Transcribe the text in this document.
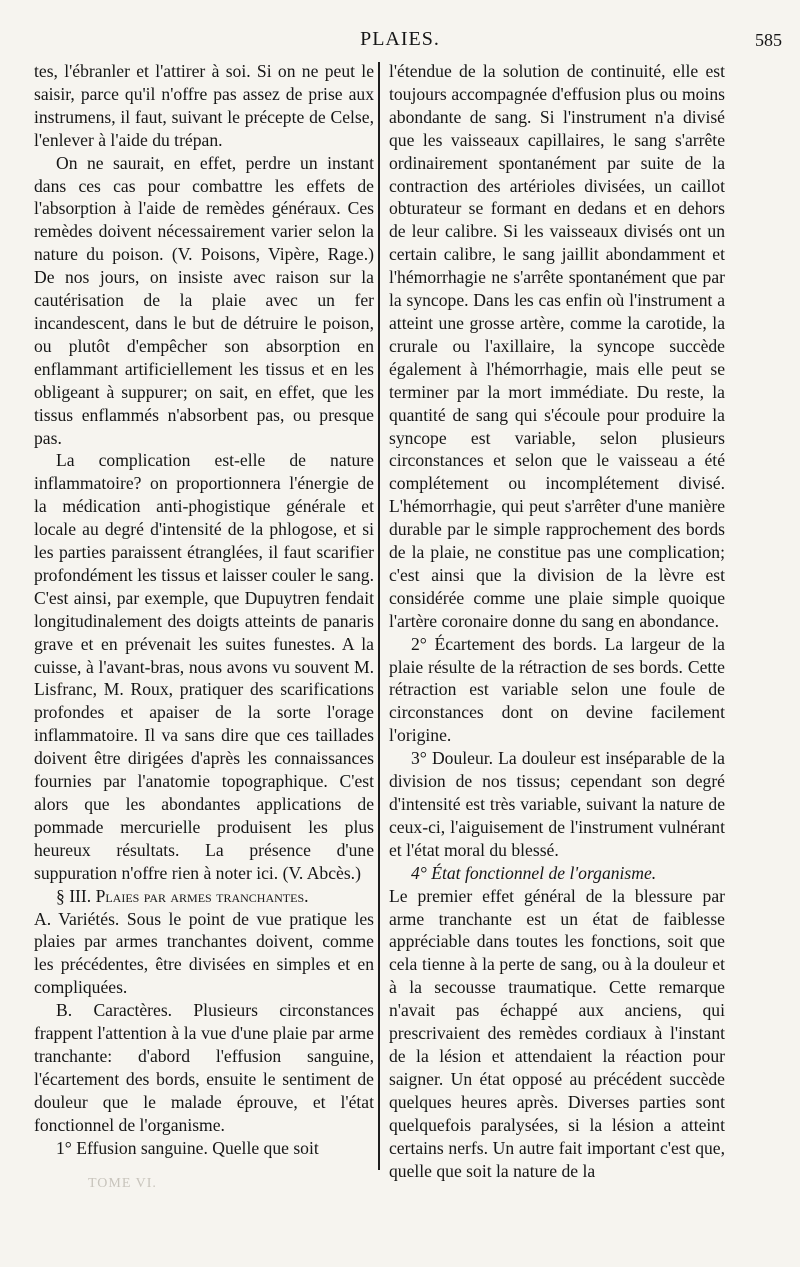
PLAIES.	585

tes, l'ébranler et l'attirer à soi. Si on ne peut le saisir, parce qu'il n'offre pas assez de prise aux instrumens, il faut, suivant le précepte de Celse, l'enlever à l'aide du trépan.

On ne saurait, en effet, perdre un instant dans ces cas pour combattre les effets de l'absorption à l'aide de remèdes généraux. Ces remèdes doivent nécessairement varier selon la nature du poison. (V. Poisons, Vipère, Rage.) De nos jours, on insiste avec raison sur la cautérisation de la plaie avec un fer incandescent, dans le but de détruire le poison, ou plutôt d'empêcher son absorption en enflammant artificiellement les tissus et en les obligeant à suppurer; on sait, en effet, que les tissus enflammés n'absorbent pas, ou presque pas.

La complication est-elle de nature inflammatoire? on proportionnera l'énergie de la médication anti-phogistique générale et locale au degré d'intensité de la phlogose, et si les parties paraissent étranglées, il faut scarifier profondément les tissus et laisser couler le sang. C'est ainsi, par exemple, que Dupuytren fendait longitudinalement des doigts atteints de panaris grave et en prévenait les suites funestes. A la cuisse, à l'avant-bras, nous avons vu souvent M. Lisfranc, M. Roux, pratiquer des scarifications profondes et apaiser de la sorte l'orage inflammatoire. Il va sans dire que ces taillades doivent être dirigées d'après les connaissances fournies par l'anatomie topographique. C'est alors que les abondantes applications de pommade mercurielle produisent les plus heureux résultats. La présence d'une suppuration n'offre rien à noter ici. (V. Abcès.)

§ III. Plaies par armes tranchantes.

A. Variétés. Sous le point de vue pratique les plaies par armes tranchantes doivent, comme les précédentes, être divisées en simples et en compliquées.

B. Caractères. Plusieurs circonstances frappent l'attention à la vue d'une plaie par arme tranchante: d'abord l'effusion sanguine, l'écartement des bords, ensuite le sentiment de douleur que le malade éprouve, et l'état fonctionnel de l'organisme.

1° Effusion sanguine. Quelle que soit

l'étendue de la solution de continuité, elle est toujours accompagnée d'effusion plus ou moins abondante de sang. Si l'instrument n'a divisé que les vaisseaux capillaires, le sang s'arrête ordinairement spontanément par suite de la contraction des artérioles divisées, un caillot obturateur se formant en dedans et en dehors de leur calibre. Si les vaisseaux divisés ont un certain calibre, le sang jaillit abondamment et l'hémorrhagie ne s'arrête spontanément que par la syncope. Dans les cas enfin où l'instrument a atteint une grosse artère, comme la carotide, la crurale ou l'axillaire, la syncope succède également à l'hémorrhagie, mais elle peut se terminer par la mort immédiate. Du reste, la quantité de sang qui s'écoule pour produire la syncope est variable, selon plusieurs circonstances et selon que le vaisseau a été complétement ou incomplétement divisé. L'hémorrhagie, qui peut s'arrêter d'une manière durable par le simple rapprochement des bords de la plaie, ne constitue pas une complication; c'est ainsi que la division de la lèvre est considérée comme une plaie simple quoique l'artère coronaire donne du sang en abondance.

2° Écartement des bords. La largeur de la plaie résulte de la rétraction de ses bords. Cette rétraction est variable selon une foule de circonstances dont on devine facilement l'origine.

3° Douleur. La douleur est inséparable de la division de nos tissus; cependant son degré d'intensité est très variable, suivant la nature de ceux-ci, l'aiguisement de l'instrument vulnérant et l'état moral du blessé.

4° État fonctionnel de l'organisme.

Le premier effet général de la blessure par arme tranchante est un état de faiblesse appréciable dans toutes les fonctions, soit que cela tienne à la perte de sang, ou à la douleur et à la secousse traumatique. Cette remarque n'avait pas échappé aux anciens, qui prescrivaient des remèdes cordiaux à l'instant de la lésion et attendaient la réaction pour saigner. Un état opposé au précédent succède quelques heures après. Diverses parties sont quelquefois paralysées, si la lésion a atteint certains nerfs. Un autre fait important c'est que, quelle que soit la nature de la

TOME VI.
